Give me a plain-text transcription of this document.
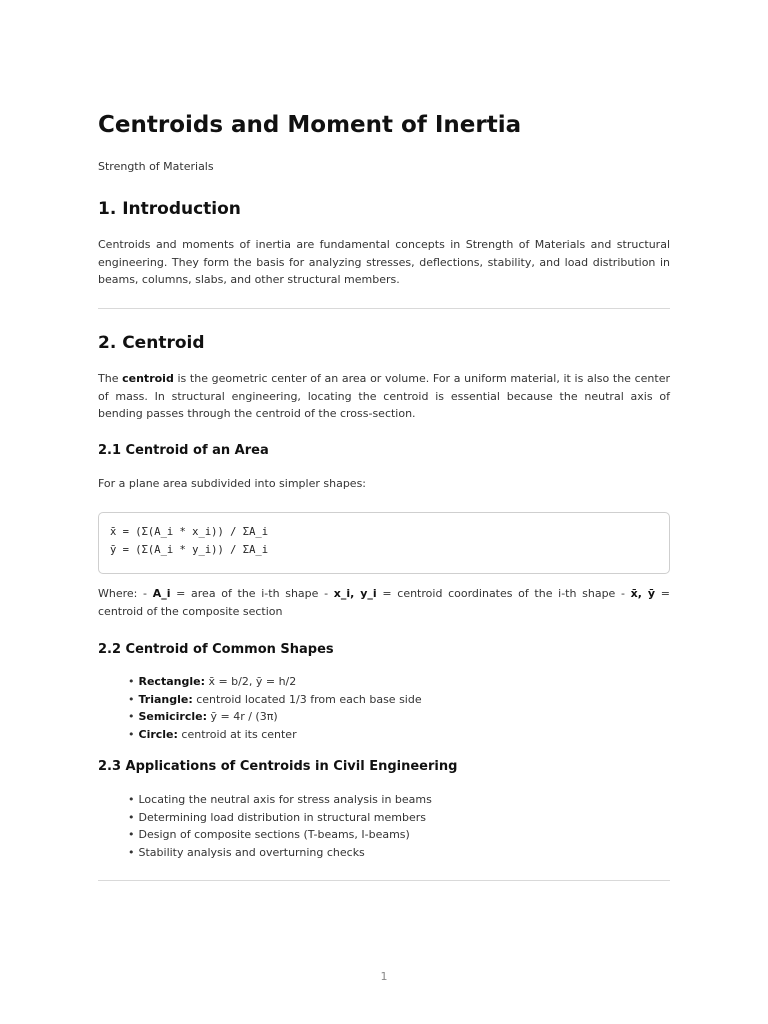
Centroids and Moment of Inertia
Strength of Materials
1. Introduction

Centroids and moments of inertia are fundamental concepts in Strength of Materials and structural engineering. They form the basis for analyzing stresses, deflections, stability, and load distribution in beams, columns, slabs, and other structural members.

2. Centroid

The centroid is the geometric center of an area or volume. For a uniform material, it is also the center of mass. In structural engineering, locating the centroid is essential because the neutral axis of bending passes through the centroid of the cross-section.

2.1 Centroid of an Area

For a plane area subdivided into simpler shapes:

x̄ = (Σ(A_i * x_i)) / ΣA_i
ȳ = (Σ(A_i * y_i)) / ΣA_i

Where: - A_i = area of the i-th shape - x_i, y_i = centroid coordinates of the i-th shape - x̄, ȳ = centroid of the composite section

2.2 Centroid of Common Shapes
• Rectangle: x̄ = b/2, ȳ = h/2
• Triangle: centroid located 1/3 from each base side
• Semicircle: ȳ = 4r / (3π)
• Circle: centroid at its center
2.3 Applications of Centroids in Civil Engineering
• Locating the neutral axis for stress analysis in beams
• Determining load distribution in structural members
• Design of composite sections (T-beams, I-beams)
• Stability analysis and overturning checks
1
